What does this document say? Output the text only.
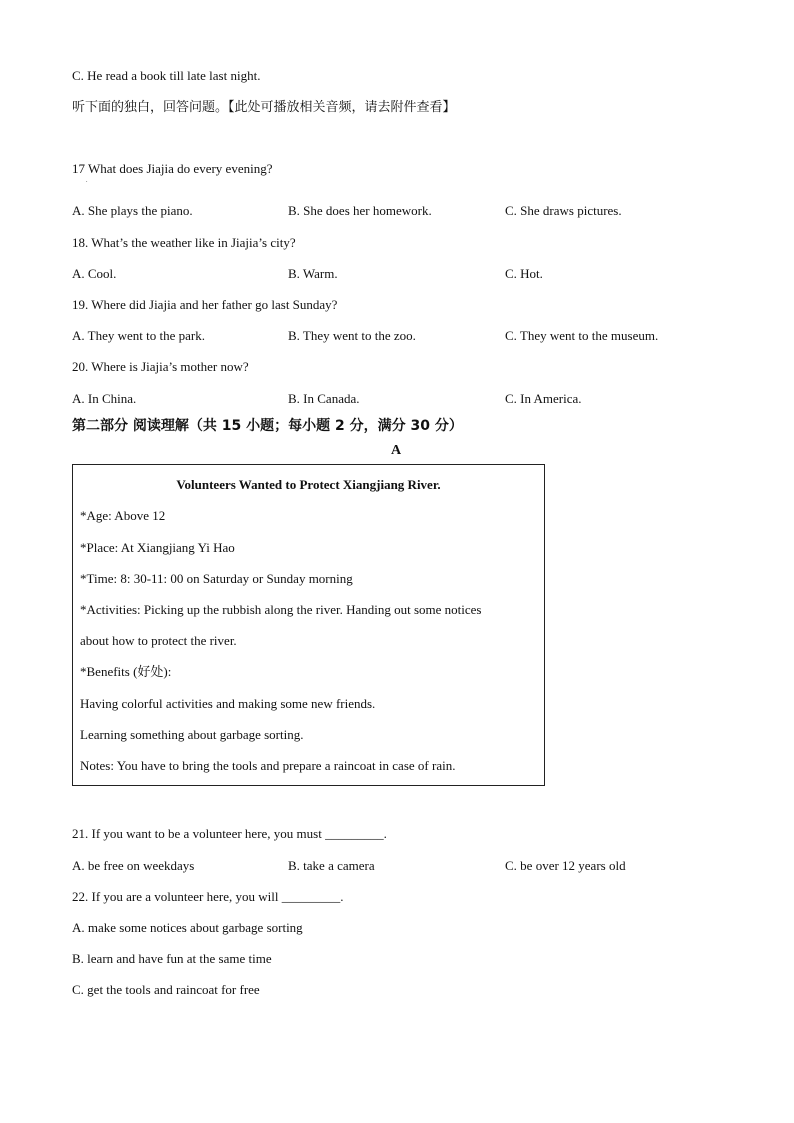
C. He read a book till late last night.
听下面的独白，回答问题。【此处可播放相关音频，请去附件查看】
17 What does Jiajia do every evening?
.
A. She plays the piano.	B. She does her homework.	C. She draws pictures.
18. What’s the weather like in Jiajia’s city?
A. Cool.	B. Warm.	C. Hot.
19. Where did Jiajia and her father go last Sunday?
A. They went to the park.	B. They went to the zoo.	C. They went to the museum.
20. Where is Jiajia’s mother now?
A. In China.	B. In Canada.	C. In America.
第二部分 阅读理解（共 15 小题；每小题 2 分，满分 30 分）
A
Volunteers Wanted to Protect Xiangjiang River.
*Age: Above 12
*Place: At Xiangjiang Yi Hao
*Time: 8: 30-11: 00 on Saturday or Sunday morning
*Activities: Picking up the rubbish along the river. Handing out some notices
about how to protect the river.
*Benefits (好处):
Having colorful activities and making some new friends.
Learning something about garbage sorting.
Notes: You have to bring the tools and prepare a raincoat in case of rain.
21. If you want to be a volunteer here, you must _________.
A. be free on weekdays	B. take a camera	C. be over 12 years old
22. If you are a volunteer here, you will _________.
A. make some notices about garbage sorting
B. learn and have fun at the same time
C. get the tools and raincoat for free
